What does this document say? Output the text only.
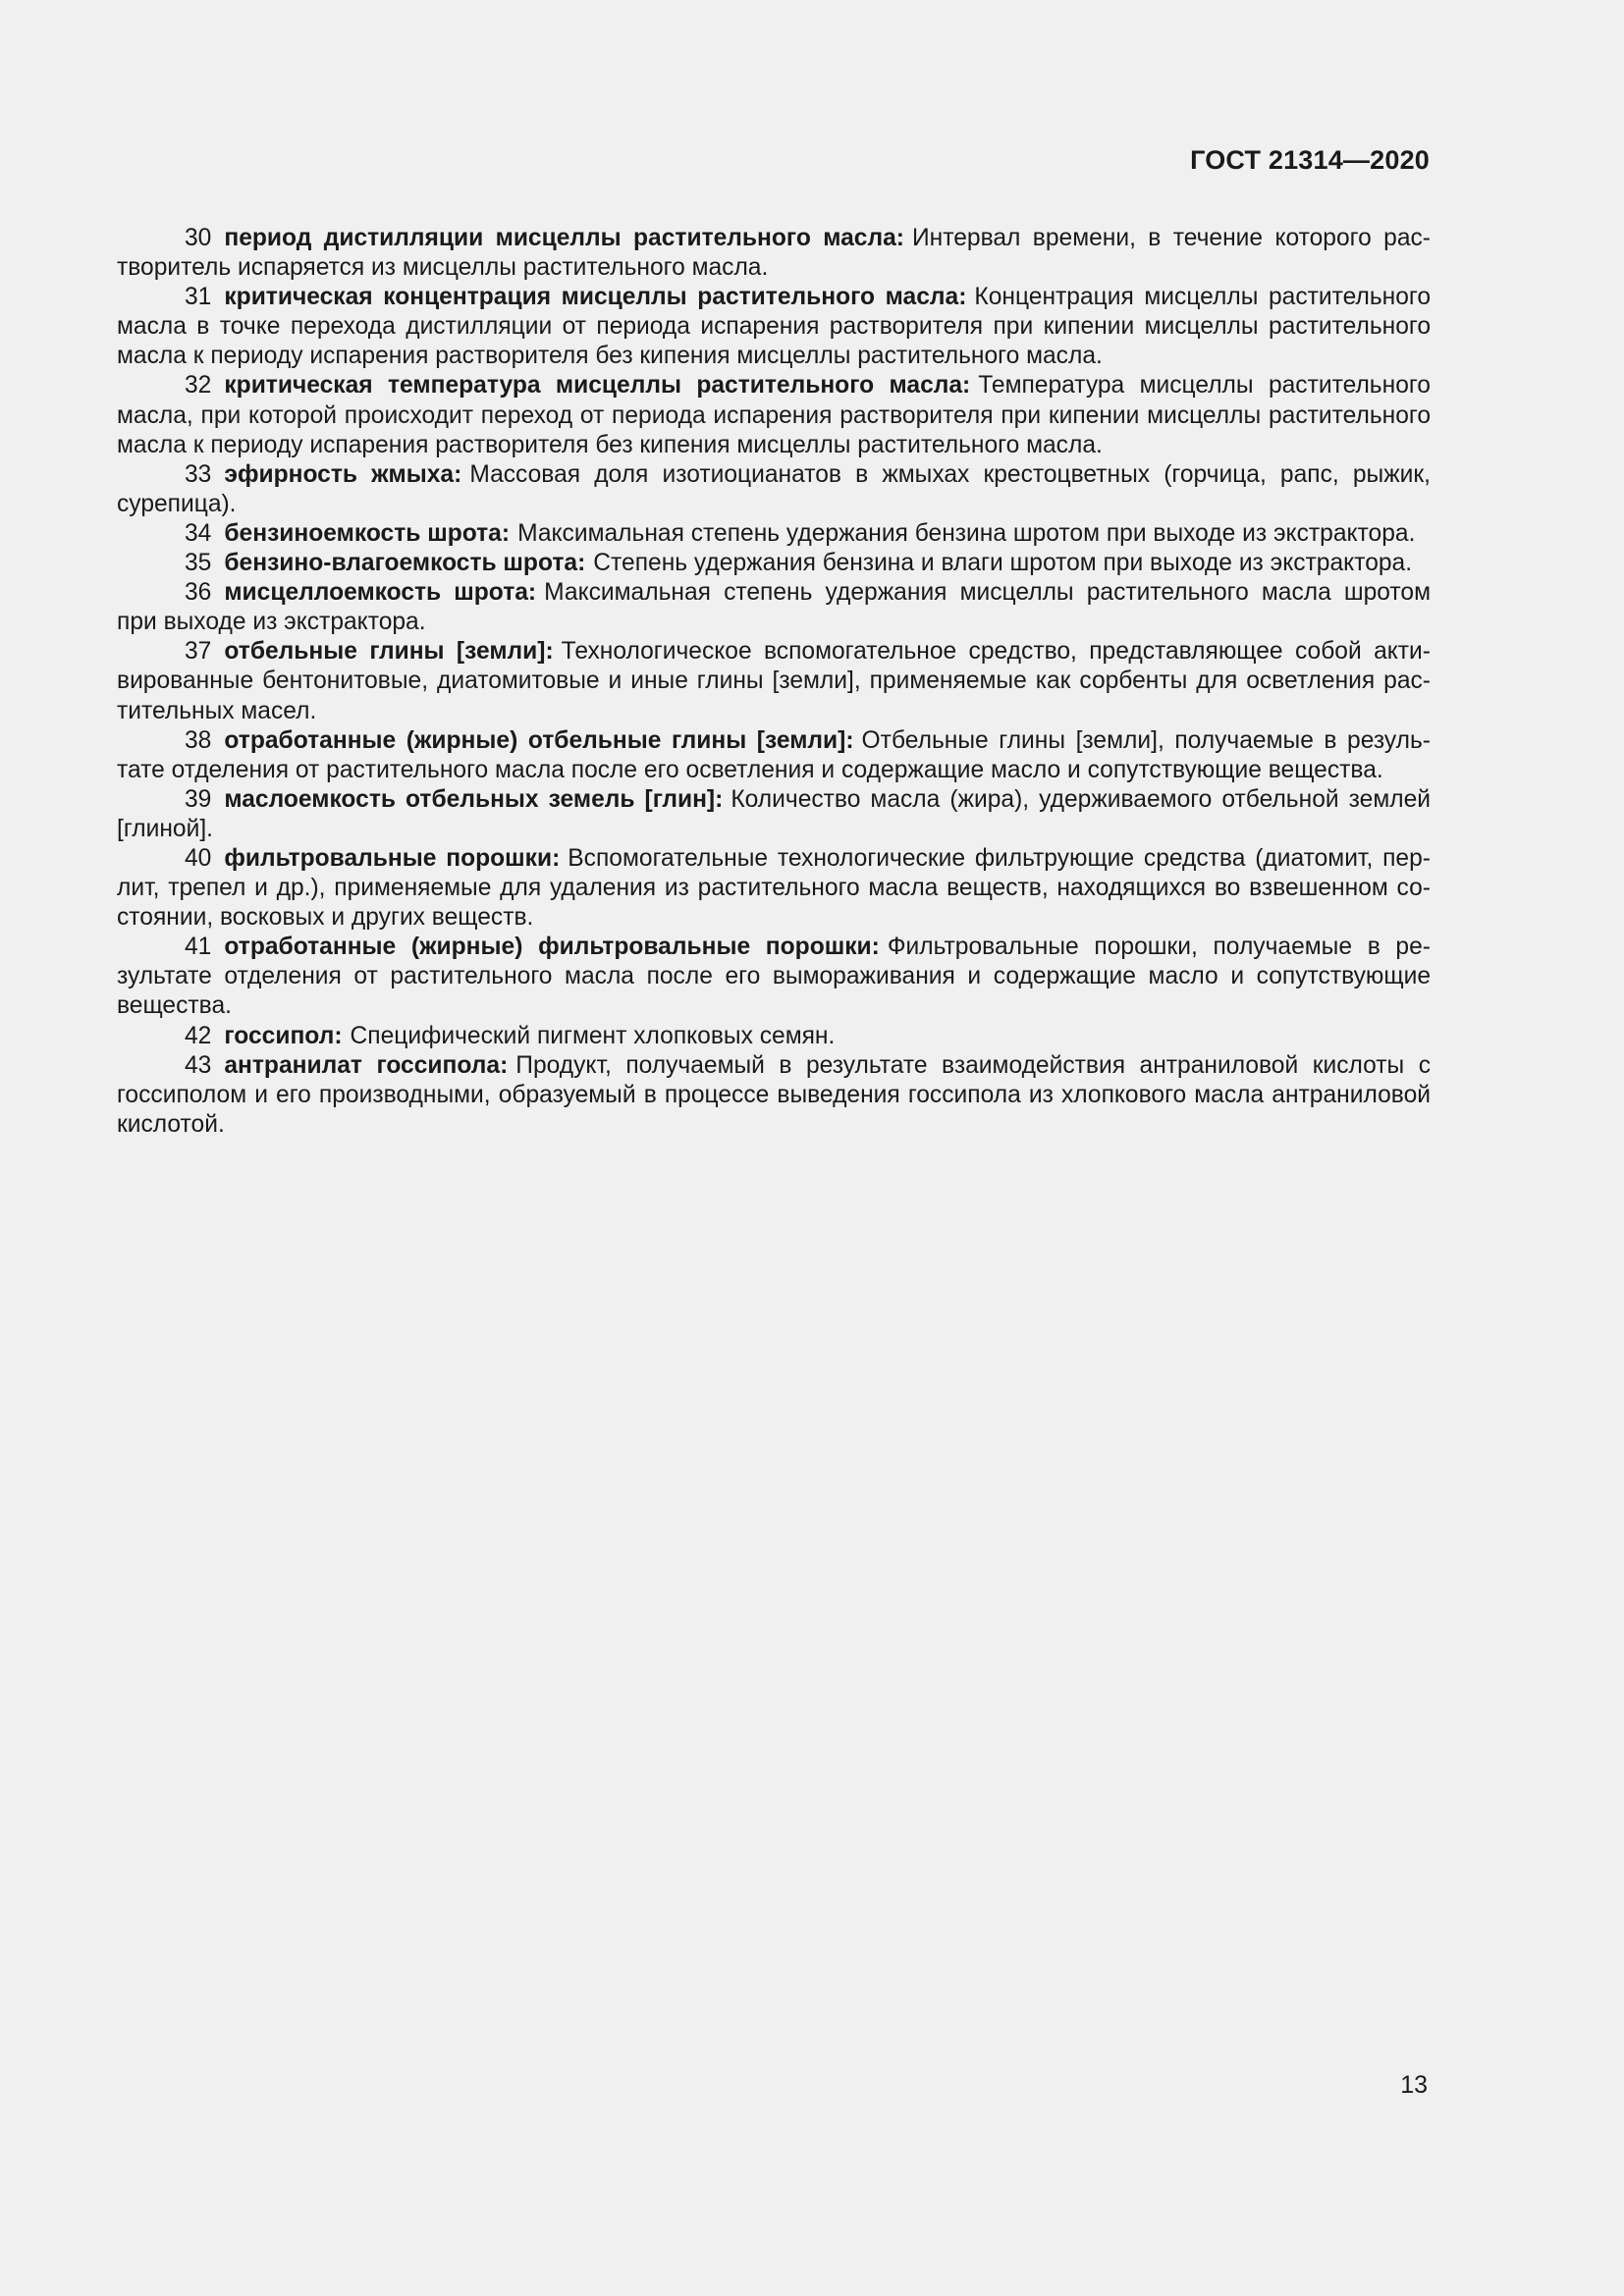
ГОСТ 21314—2020

30 период дистилляции мисцеллы растительного масла: Интервал времени, в течение которого растворитель испаряется из мисцеллы растительного масла.

31 критическая концентрация мисцеллы растительного масла: Концентрация мисцеллы растительного масла в точке перехода дистилляции от периода испарения растворителя при кипении мисцеллы растительного масла к периоду испарения растворителя без кипения мисцеллы растительного масла.

32 критическая температура мисцеллы растительного масла: Температура мисцеллы растительного масла, при которой происходит переход от периода испарения растворителя при кипении мисцеллы растительного масла к периоду испарения растворителя без кипения мисцеллы растительного масла.

33 эфирность жмыха: Массовая доля изотиоцианатов в жмыхах крестоцветных (горчица, рапс, рыжик, сурепица).

34 бензиноемкость шрота: Максимальная степень удержания бензина шротом при выходе из экстрактора.

35 бензино-влагоемкость шрота: Степень удержания бензина и влаги шротом при выходе из экстрактора.

36 мисцеллоемкость шрота: Максимальная степень удержания мисцеллы растительного масла шротом при выходе из экстрактора.

37 отбельные глины [земли]: Технологическое вспомогательное средство, представляющее собой активированные бентонитовые, диатомитовые и иные глины [земли], применяемые как сорбенты для осветления растительных масел.

38 отработанные (жирные) отбельные глины [земли]: Отбельные глины [земли], получаемые в результате отделения от растительного масла после его осветления и содержащие масло и сопутствующие вещества.

39 маслоемкость отбельных земель [глин]: Количество масла (жира), удерживаемого отбельной землей [глиной].

40 фильтровальные порошки: Вспомогательные технологические фильтрующие средства (диатомит, перлит, трепел и др.), применяемые для удаления из растительного масла веществ, находящихся во взвешенном состоянии, восковых и других веществ.

41 отработанные (жирные) фильтровальные порошки: Фильтровальные порошки, получаемые в результате отделения от растительного масла после его вымораживания и содержащие масло и сопутствующие вещества.

42 госсипол: Специфический пигмент хлопковых семян.

43 антранилат госсипола: Продукт, получаемый в результате взаимодействия антраниловой кислоты с госсиполом и его производными, образуемый в процессе выведения госсипола из хлопкового масла антраниловой кислотой.

13
